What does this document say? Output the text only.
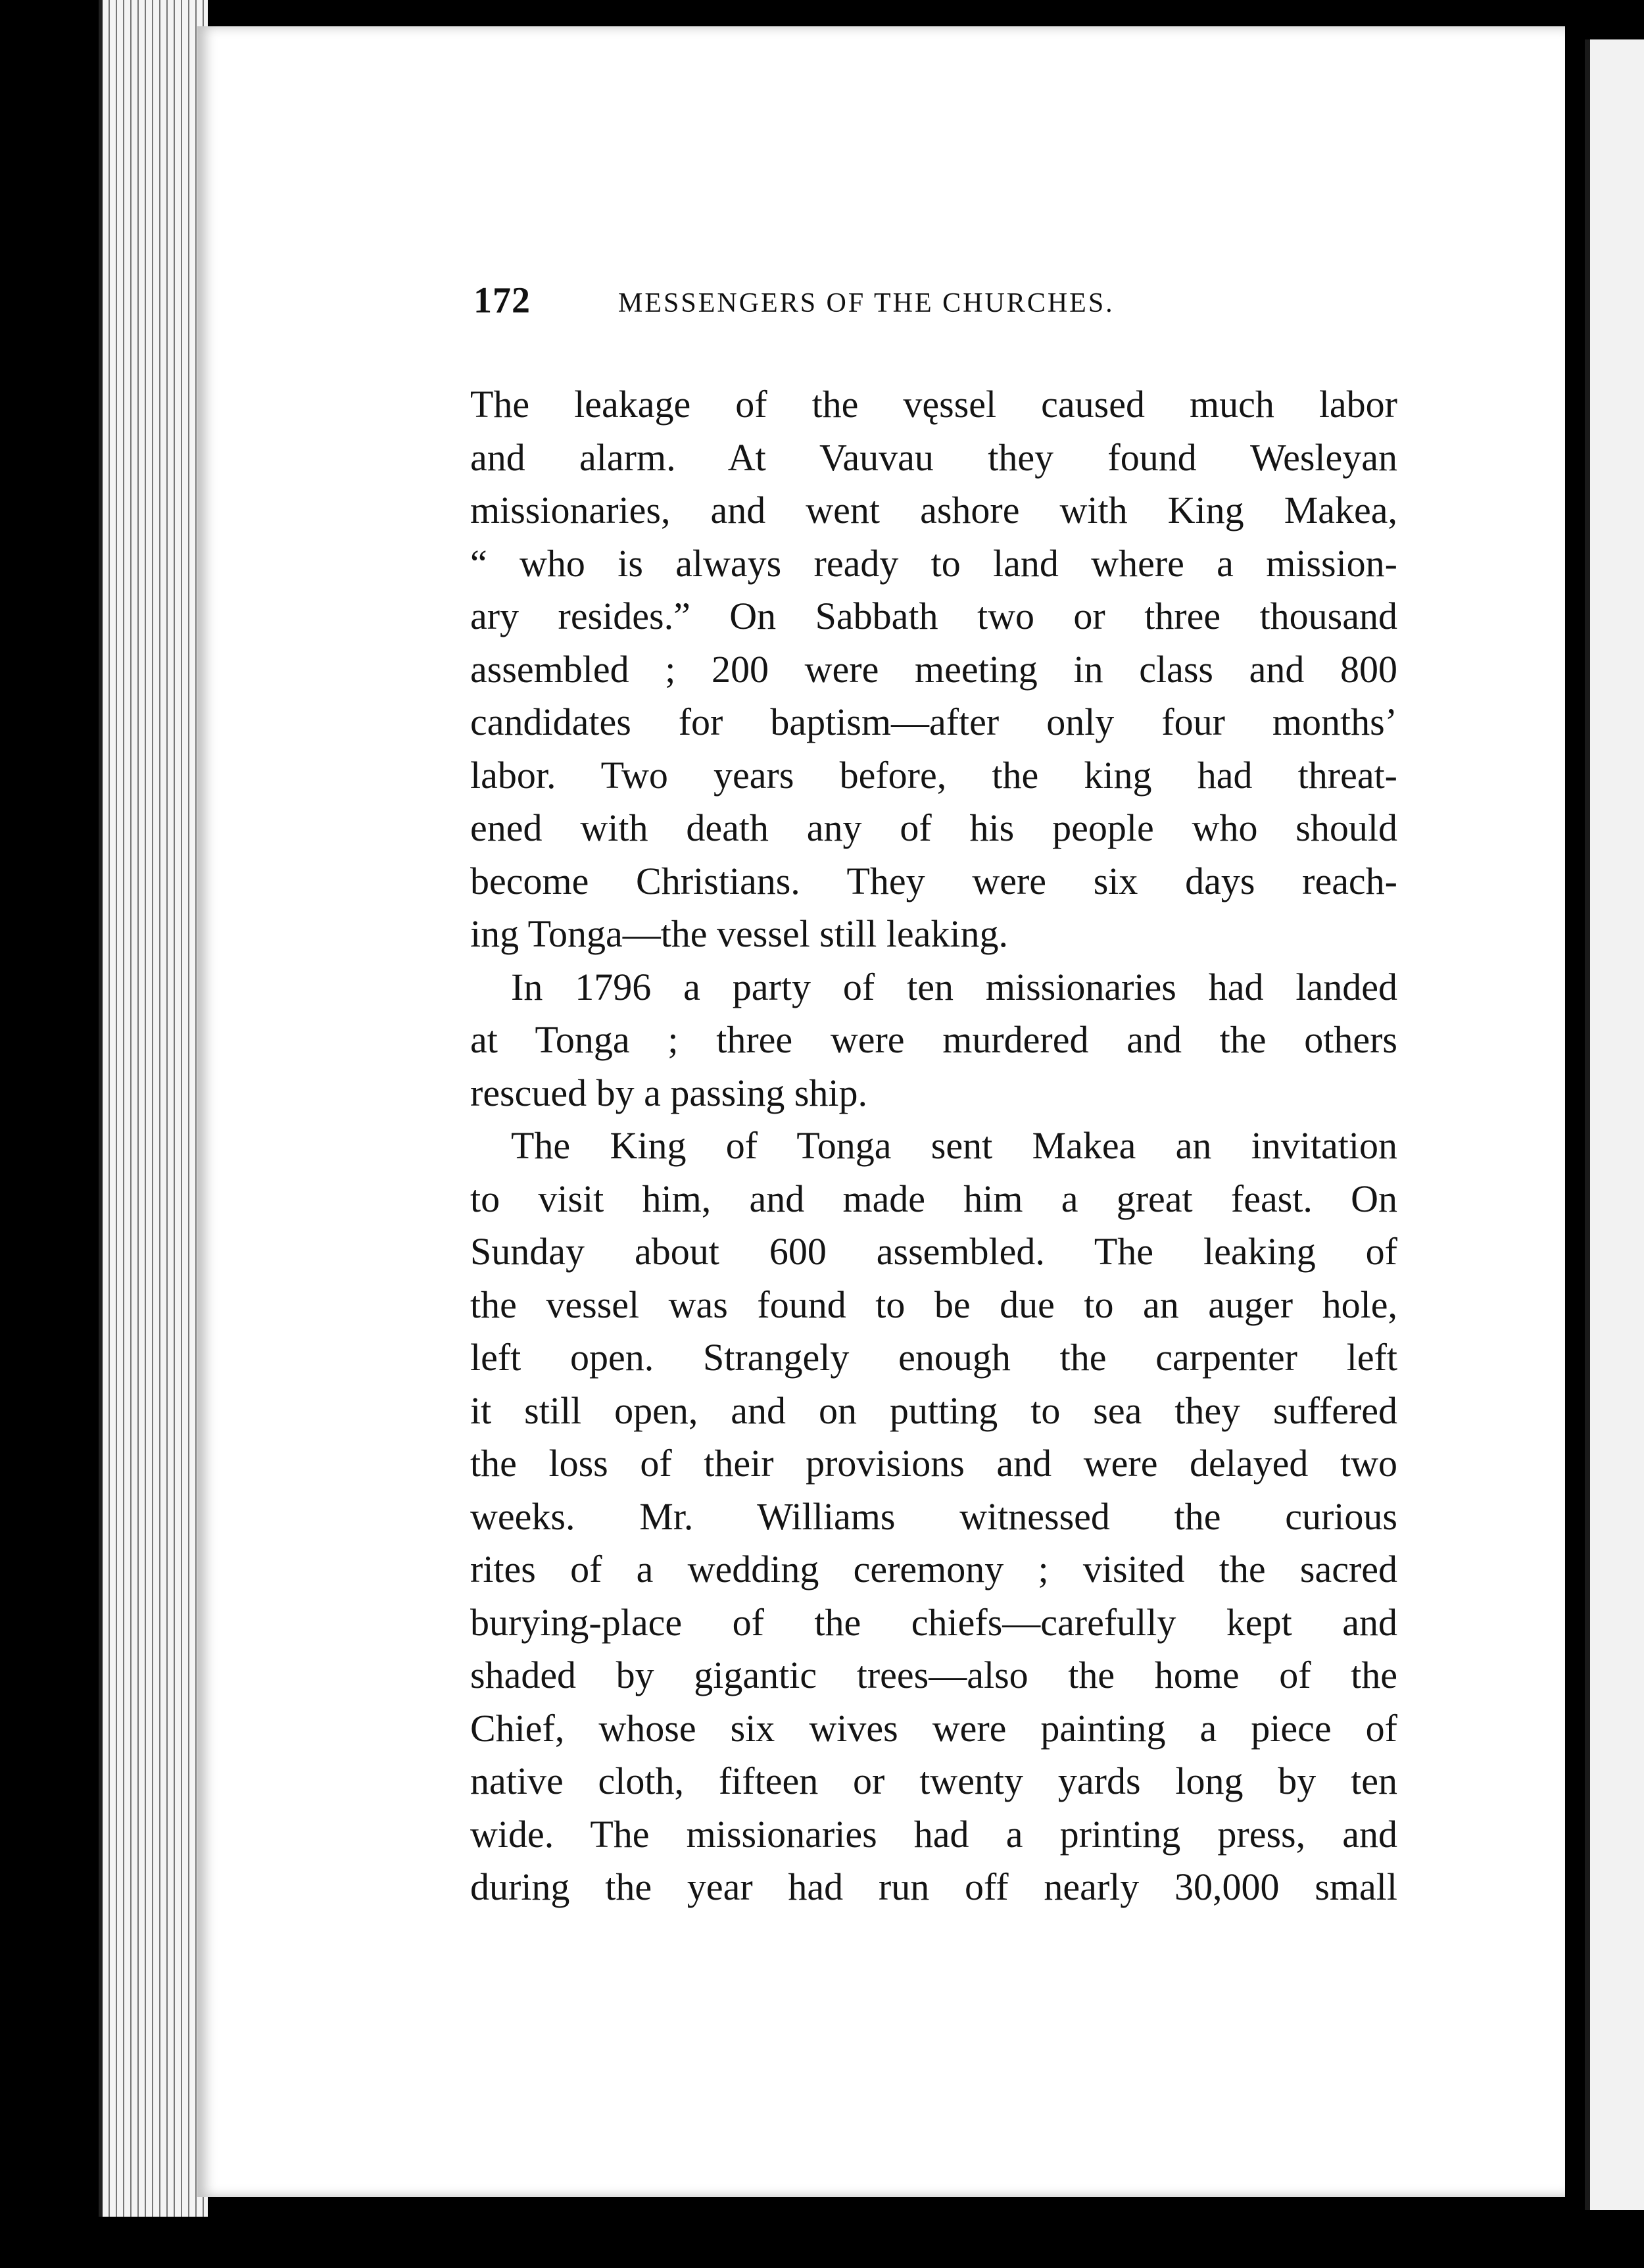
172	MESSENGERS OF THE CHURCHES.
The leakage of the vęssel caused much labor
and alarm. At Vauvau they found Wesleyan
missionaries, and went ashore with King Makea,
“ who is always ready to land where a mission-
ary resides.” On Sabbath two or three thousand
assembled ; 200 were meeting in class and 800
candidates for baptism—after only four months’
labor. Two years before, the king had threat-
ened with death any of his people who should
become Christians. They were six days reach-
ing Tonga—the vessel still leaking.
In 1796 a party of ten missionaries had landed
at Tonga ; three were murdered and the others
rescued by a passing ship.
The King of Tonga sent Makea an invitation
to visit him, and made him a great feast. On
Sunday about 600 assembled. The leaking of
the vessel was found to be due to an auger hole,
left open. Strangely enough the carpenter left
it still open, and on putting to sea they suffered
the loss of their provisions and were delayed two
weeks. Mr. Williams witnessed the curious
rites of a wedding ceremony ; visited the sacred
burying-place of the chiefs—carefully kept and
shaded by gigantic trees—also the home of the
Chief, whose six wives were painting a piece of
native cloth, fifteen or twenty yards long by ten
wide. The missionaries had a printing press, and
during the year had run off nearly 30,000 small
